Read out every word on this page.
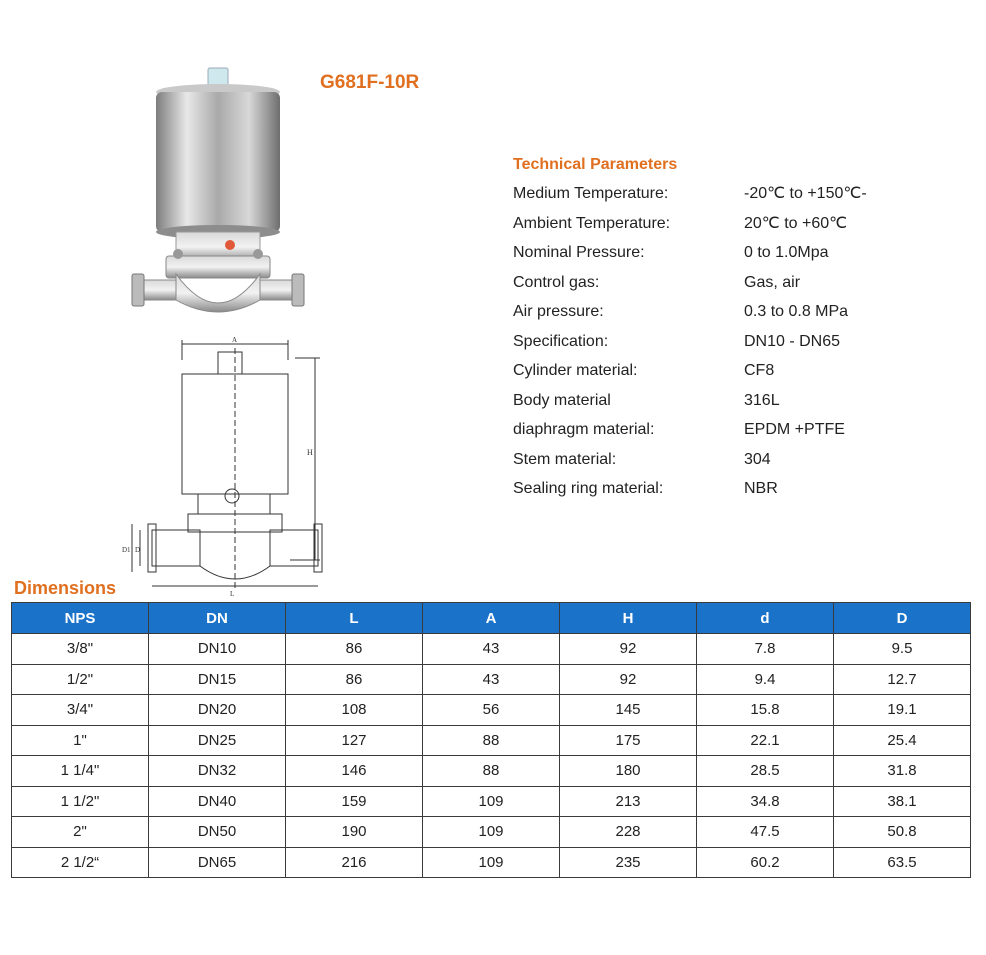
A
H
D1 D
L
G681F-10R
Technical Parameters
Medium Temperature:	-20℃ to +150℃-
Ambient Temperature:	20℃ to +60℃
Nominal Pressure:	0 to 1.0Mpa
Control gas:	Gas, air
Air pressure:	0.3 to 0.8 MPa
Specification:	DN10 - DN65
Cylinder material:	CF8
Body material	316L
diaphragm material:	EPDM +PTFE
Stem material:	304
Sealing ring material:	NBR
Dimensions
NPS	DN	L	A	H	d	D
3/8"	DN10	86	43	92	7.8	9.5
1/2"	DN15	86	43	92	9.4	12.7
3/4"	DN20	108	56	145	15.8	19.1
1"	DN25	127	88	175	22.1	25.4
1 1/4"	DN32	146	88	180	28.5	31.8
1 1/2"	DN40	159	109	213	34.8	38.1
2"	DN50	190	109	228	47.5	50.8
2 1/2“	DN65	216	109	235	60.2	63.5
